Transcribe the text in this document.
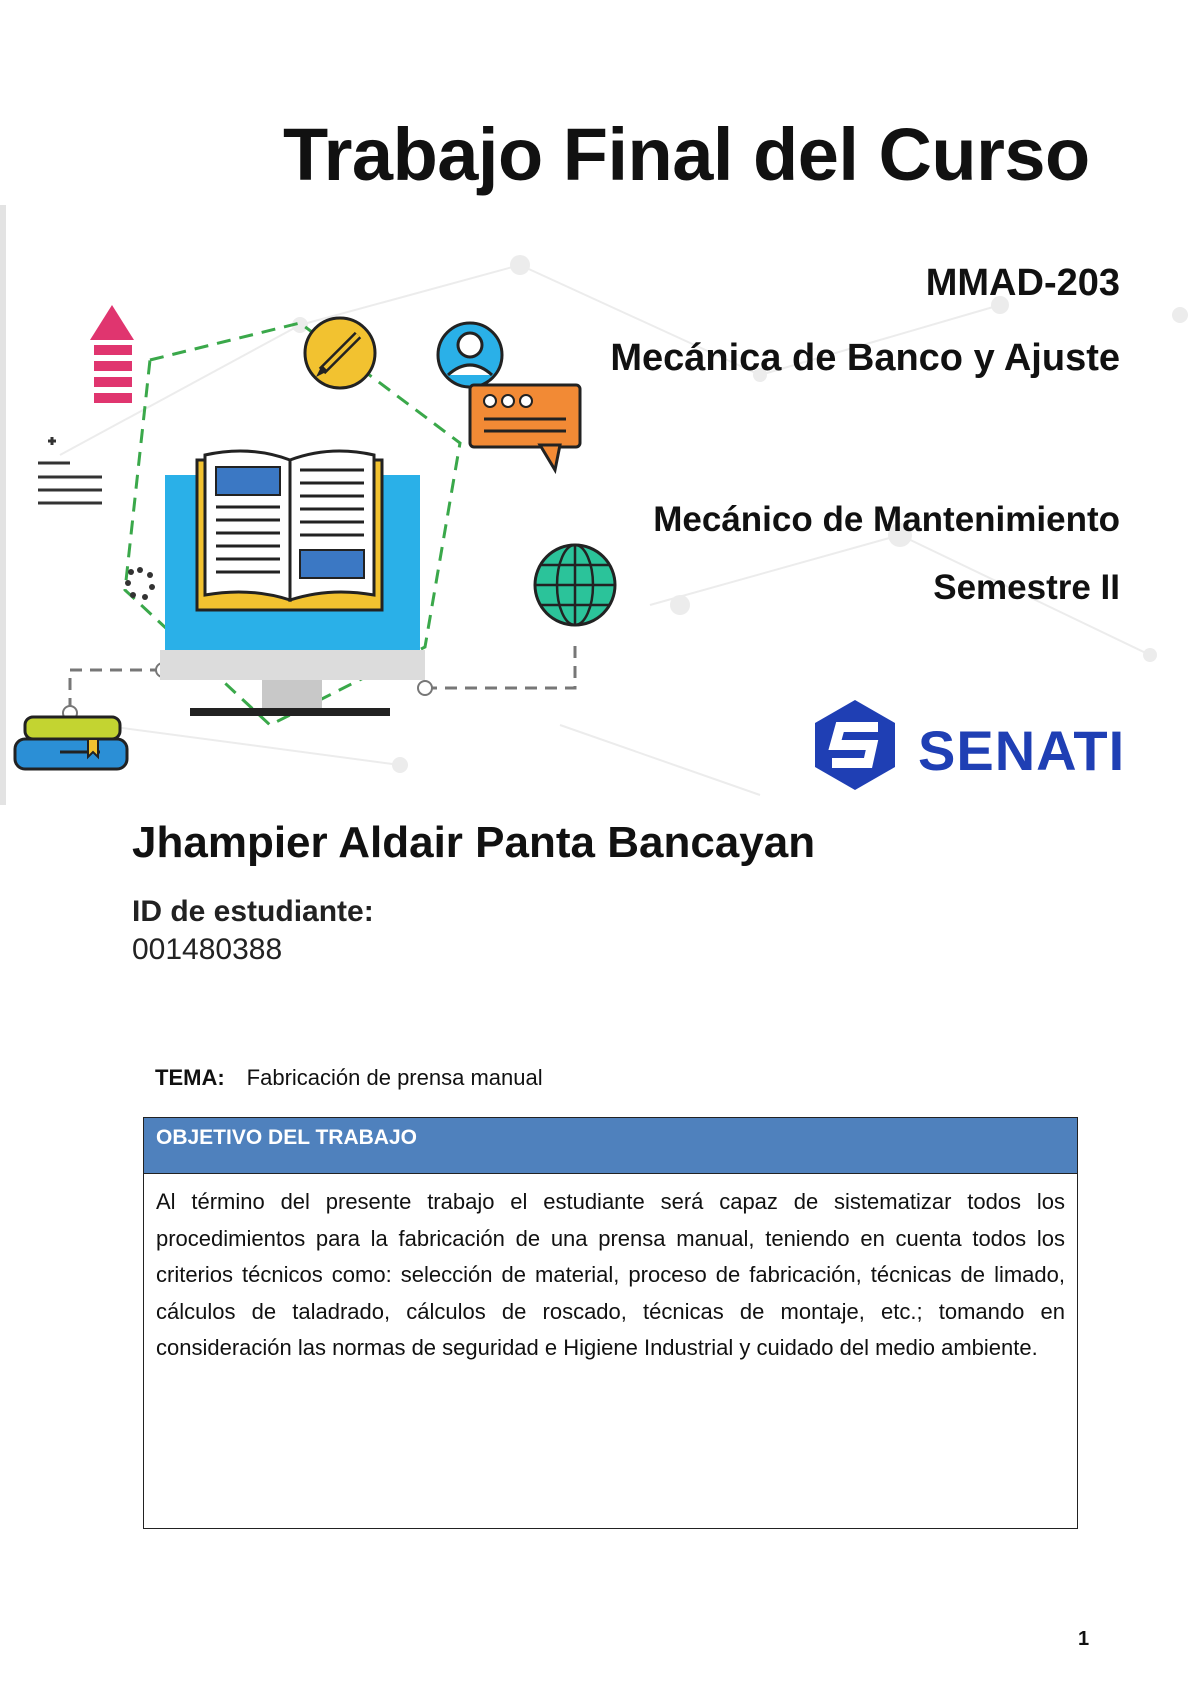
Trabajo Final del Curso
MMAD-203
Mecánica de Banco y Ajuste
Mecánico de Mantenimiento
Semestre II
SENATI
Jhampier Aldair Panta Bancayan
ID de estudiante:
001480388
TEMA: Fabricación de prensa manual
OBJETIVO DEL TRABAJO
Al término del presente trabajo el estudiante será capaz de sistematizar todos los procedimientos para la fabricación de una prensa manual, teniendo en cuenta todos los criterios técnicos como: selección de material, proceso de fabricación, técnicas de limado, cálculos de taladrado, cálculos de roscado, técnicas de montaje, etc.; tomando en consideración las normas de seguridad e Higiene Industrial y cuidado del medio ambiente.
1
